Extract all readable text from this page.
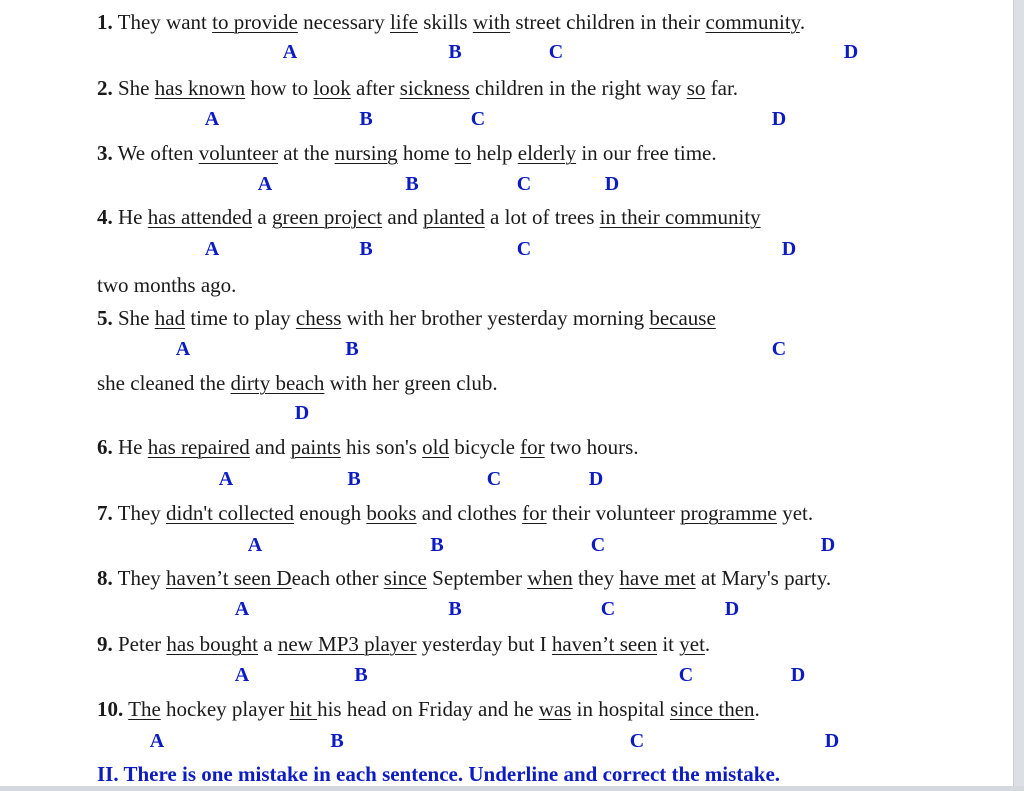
1. They want to provide necessary life skills with street children in their community.
A	B	C	D
2. She has known how to look after sickness children in the right way so far.
A	B	C	D
3. We often volunteer at the nursing home to help elderly in our free time.
A	B	C	D
4. He has attended a green project and planted a lot of trees in their community
two months ago.
A	B	C	D
5. She had time to play chess with her brother yesterday morning because
she cleaned the dirty beach with her green club.
A	B	C
D
6. He has repaired and paints his son's old bicycle for two hours.
A	B	C	D
7. They didn't collected enough books and clothes for their volunteer programme yet.
A	B	C	D
8. They haven’t seen Deach other since September when they have met at Mary's party.
A	B	C	D
9. Peter has bought a new MP3 player yesterday but I haven’t seen it yet.
A	B	C	D
10. The hockey player hit his head on Friday and he was in hospital since then.
A	B	C	D
II. There is one mistake in each sentence. Underline and correct the mistake.
